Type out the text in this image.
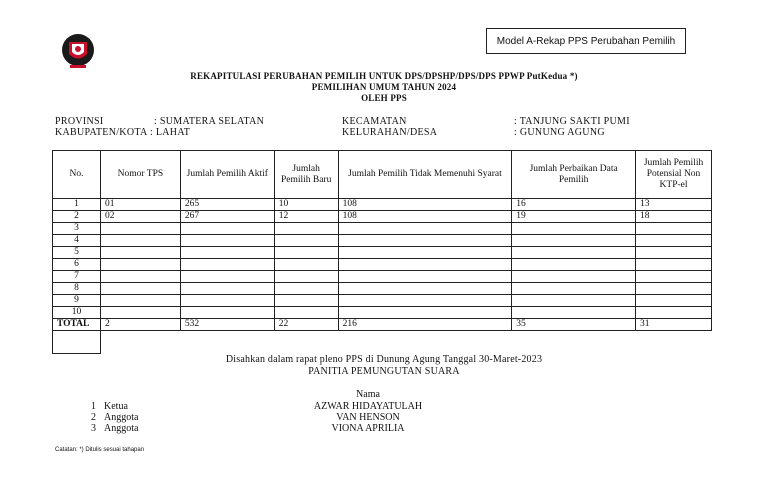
Model A-Rekap PPS Perubahan Pemilih
REKAPITULASI PERUBAHAN PEMILIH UNTUK DPS/DPSHP/DPS/DPS PPWP PutKedua *)
PEMILIHAN UMUM TAHUN 2024
OLEH PPS
PROVINSI	: SUMATERA SELATAN
KABUPATEN/KOTA : LAHAT
KECAMATAN	: TANJUNG SAKTI PUMI
KELURAHAN/DESA	: GUNUNG AGUNG
No.	Nomor TPS	Jumlah Pemilih Aktif	Jumlah Pemilih Baru	Jumlah Pemilih Tidak Memenuhi Syarat	Jumlah Perbaikan Data Pemilih	Jumlah Pemilih Potensial Non KTP-el
1	01	265	10	108	16	13
2	02	267	12	108	19	18
3						
4						
5						
6						
7						
8						
9						
10						
TOTAL	2	532	22	216	35	31
Disahkan dalam rapat pleno PPS di Dunung Agung Tanggal 30-Maret-2023
PANITIA PEMUNGUTAN SUARA
Nama
1 Ketua	AZWAR HIDAYATULAH
2 Anggota	VAN HENSON
3 Anggota	VIONA APRILIA
Catatan: *) Ditulis sesuai tahapan
